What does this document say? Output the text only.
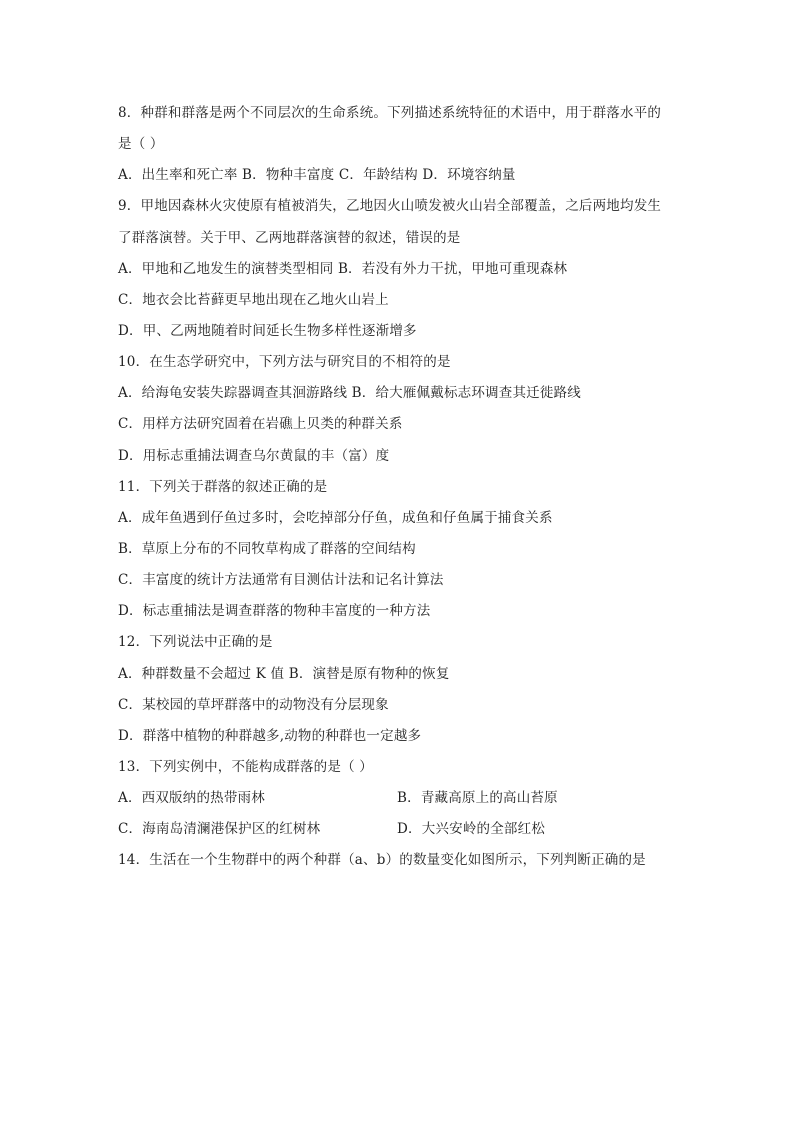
8．种群和群落是两个不同层次的生命系统。下列描述系统特征的术语中，用于群落水平的
是（ ）
A．出生率和死亡率 B．物种丰富度 C．年龄结构 D．环境容纳量
9．甲地因森林火灾使原有植被消失，乙地因火山喷发被火山岩全部覆盖，之后两地均发生
了群落演替。关于甲、乙两地群落演替的叙述，错误的是
A．甲地和乙地发生的演替类型相同 B．若没有外力干扰，甲地可重现森林
C．地衣会比苔藓更早地出现在乙地火山岩上
D．甲、乙两地随着时间延长生物多样性逐渐增多
10．在生态学研究中，下列方法与研究目的不相符的是
A．给海龟安装失踪器调查其洄游路线 B．给大雁佩戴标志环调查其迁徙路线
C．用样方法研究固着在岩礁上贝类的种群关系
D．用标志重捕法调查乌尔黄鼠的丰（富）度
11．下列关于群落的叙述正确的是
A．成年鱼遇到仔鱼过多时，会吃掉部分仔鱼，成鱼和仔鱼属于捕食关系
B．草原上分布的不同牧草构成了群落的空间结构
C．丰富度的统计方法通常有目测估计法和记名计算法
D．标志重捕法是调查群落的物种丰富度的一种方法
12．下列说法中正确的是
A．种群数量不会超过 K 值 B．演替是原有物种的恢复
C．某校园的草坪群落中的动物没有分层现象
D．群落中植物的种群越多,动物的种群也一定越多
13．下列实例中，不能构成群落的是（ ）
A．西双版纳的热带雨林	B．青藏高原上的高山苔原
C．海南岛清澜港保护区的红树林	D．大兴安岭的全部红松
14．生活在一个生物群中的两个种群（a、b）的数量变化如图所示，下列判断正确的是
